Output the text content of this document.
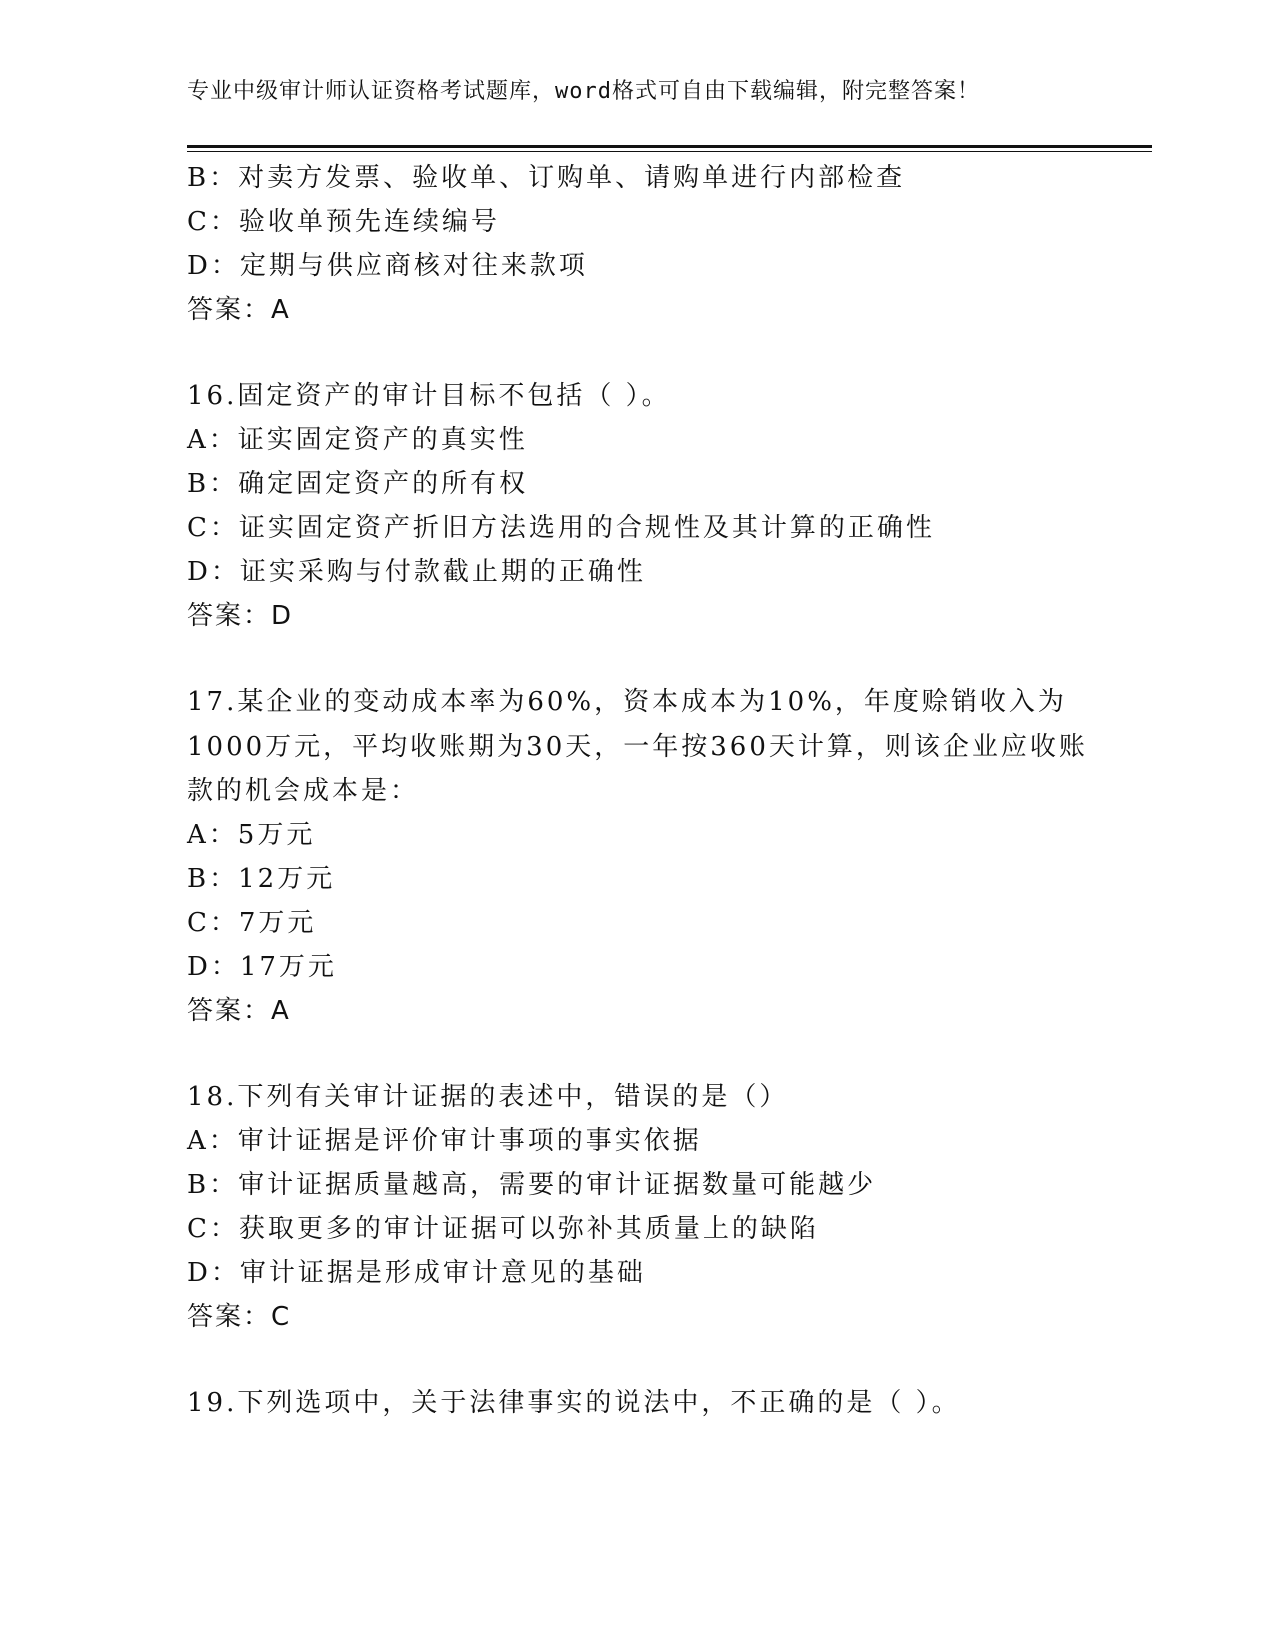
专业中级审计师认证资格考试题库，word格式可自由下载编辑，附完整答案！
B：对卖方发票、验收单、订购单、请购单进行内部检查
C：验收单预先连续编号
D：定期与供应商核对往来款项
答案：A
16.固定资产的审计目标不包括（ ）。
A：证实固定资产的真实性
B：确定固定资产的所有权
C：证实固定资产折旧方法选用的合规性及其计算的正确性
D：证实采购与付款截止期的正确性
答案：D
17.某企业的变动成本率为60%，资本成本为10%，年度赊销收入为
1000万元，平均收账期为30天，一年按360天计算，则该企业应收账
款的机会成本是：
A：5万元
B：12万元
C：7万元
D：17万元
答案：A
18.下列有关审计证据的表述中，错误的是（）
A：审计证据是评价审计事项的事实依据
B：审计证据质量越高，需要的审计证据数量可能越少
C：获取更多的审计证据可以弥补其质量上的缺陷
D：审计证据是形成审计意见的基础
答案：C
19.下列选项中，关于法律事实的说法中，不正确的是（ ）。
